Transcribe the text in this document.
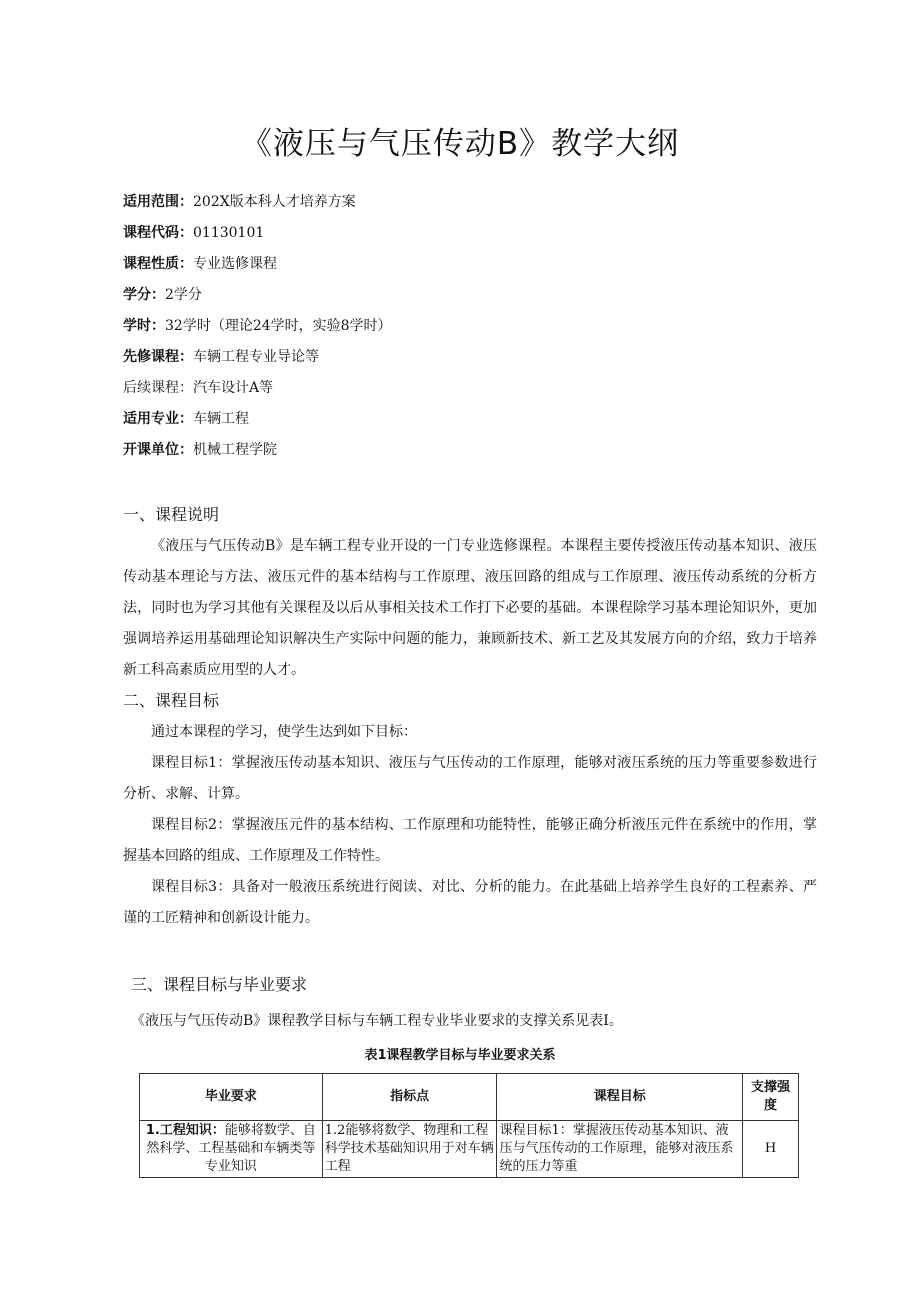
《液压与气压传动B》教学大纲
适用范围：202X版本科人才培养方案
课程代码：01130101
课程性质：专业选修课程
学分：2学分
学时：32学时（理论24学时，实验8学时）
先修课程：车辆工程专业导论等
后续课程：汽车设计A等
适用专业：车辆工程
开课单位：机械工程学院
一、课程说明
《液压与气压传动B》是车辆工程专业开设的一门专业选修课程。本课程主要传授液压传动基本知识、液压传动基本理论与方法、液压元件的基本结构与工作原理、液压回路的组成与工作原理、液压传动系统的分析方法，同时也为学习其他有关课程及以后从事相关技术工作打下必要的基础。本课程除学习基本理论知识外，更加强调培养运用基础理论知识解决生产实际中问题的能力，兼顾新技术、新工艺及其发展方向的介绍，致力于培养新工科高素质应用型的人才。
二、课程目标
通过本课程的学习，使学生达到如下目标：
课程目标1：掌握液压传动基本知识、液压与气压传动的工作原理，能够对液压系统的压力等重要参数进行分析、求解、计算。
课程目标2：掌握液压元件的基本结构、工作原理和功能特性，能够正确分析液压元件在系统中的作用，掌握基本回路的组成、工作原理及工作特性。
课程目标3：具备对一般液压系统进行阅读、对比、分析的能力。在此基础上培养学生良好的工程素养、严谨的工匠精神和创新设计能力。
三、课程目标与毕业要求
《液压与气压传动B》课程教学目标与车辆工程专业毕业要求的支撑关系见表I。
表1课程教学目标与毕业要求关系
毕业要求	指标点	课程目标	支撑强度
1.工程知识：能够将数学、自然科学、工程基础和车辆类等专业知识	1.2能够将数学、物理和工程科学技术基础知识用于对车辆工程	课程目标1：掌握液压传动基本知识、液压与气压传动的工作原理，能够对液压系统的压力等重	H
